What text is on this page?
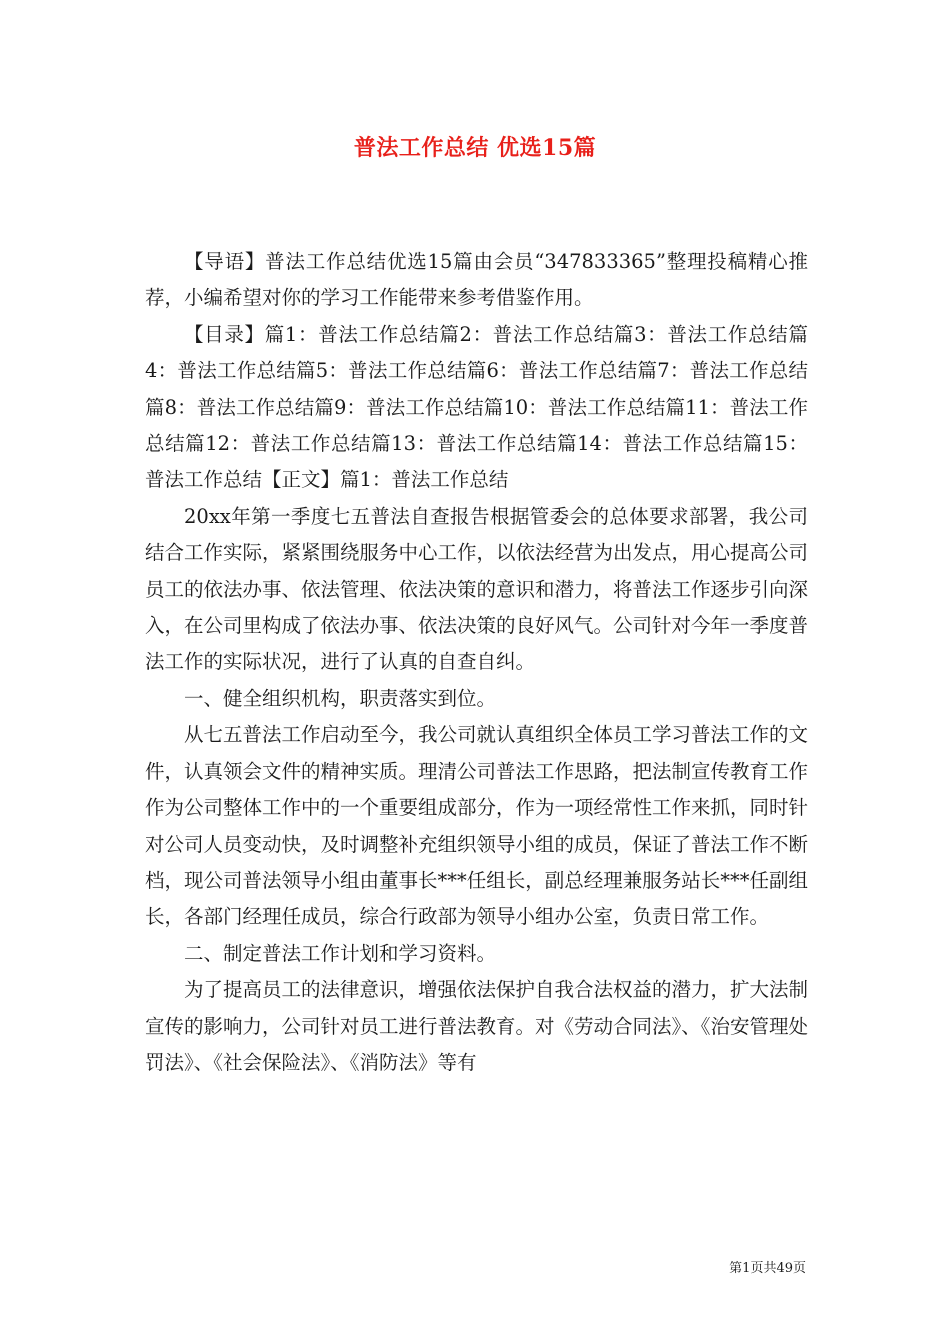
普法工作总结 优选15篇

【导语】普法工作总结优选15篇由会员“347833365”整理投稿精心推荐，小编希望对你的学习工作能带来参考借鉴作用。

【目录】篇1：普法工作总结篇2：普法工作总结篇3：普法工作总结篇4：普法工作总结篇5：普法工作总结篇6：普法工作总结篇7：普法工作总结篇8：普法工作总结篇9：普法工作总结篇10：普法工作总结篇11：普法工作总结篇12：普法工作总结篇13：普法工作总结篇14：普法工作总结篇15：普法工作总结【正文】篇1：普法工作总结

20xx年第一季度七五普法自查报告根据管委会的总体要求部署，我公司结合工作实际，紧紧围绕服务中心工作，以依法经营为出发点，用心提高公司员工的依法办事、依法管理、依法决策的意识和潜力，将普法工作逐步引向深入，在公司里构成了依法办事、依法决策的良好风气。公司针对今年一季度普法工作的实际状况，进行了认真的自查自纠。

一、健全组织机构，职责落实到位。

从七五普法工作启动至今，我公司就认真组织全体员工学习普法工作的文件，认真领会文件的精神实质。理清公司普法工作思路，把法制宣传教育工作作为公司整体工作中的一个重要组成部分，作为一项经常性工作来抓，同时针对公司人员变动快，及时调整补充组织领导小组的成员，保证了普法工作不断档，现公司普法领导小组由董事长***任组长，副总经理兼服务站长***任副组长，各部门经理任成员，综合行政部为领导小组办公室，负责日常工作。

二、制定普法工作计划和学习资料。

为了提高员工的法律意识，增强依法保护自我合法权益的潜力，扩大法制宣传的影响力，公司针对员工进行普法教育。对《劳动合同法》、《治安管理处罚法》、《社会保险法》、《消防法》等有

第1页共49页
